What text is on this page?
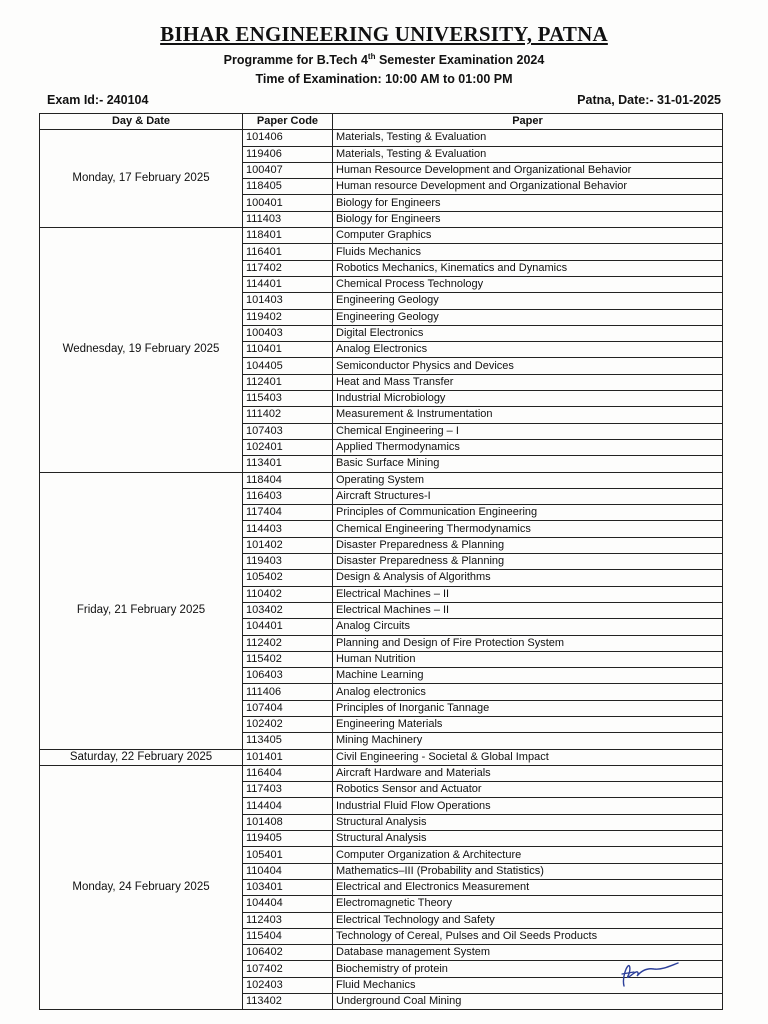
BIHAR ENGINEERING UNIVERSITY, PATNA
Programme for B.Tech 4th Semester Examination 2024
Time of Examination: 10:00 AM to 01:00 PM
Exam Id:- 240104	Patna, Date:- 31-01-2025
Day & Date	Paper Code	Paper
Monday, 17 February 2025	101406	Materials, Testing & Evaluation
	119406	Materials, Testing & Evaluation
	100407	Human Resource Development and Organizational Behavior
	118405	Human resource Development and Organizational Behavior
	100401	Biology for Engineers
	111403	Biology for Engineers
Wednesday, 19 February 2025	118401	Computer Graphics
	116401	Fluids Mechanics
	117402	Robotics Mechanics, Kinematics and Dynamics
	114401	Chemical Process Technology
	101403	Engineering Geology
	119402	Engineering Geology
	100403	Digital Electronics
	110401	Analog Electronics
	104405	Semiconductor Physics and Devices
	112401	Heat and Mass Transfer
	115403	Industrial Microbiology
	111402	Measurement & Instrumentation
	107403	Chemical Engineering – I
	102401	Applied Thermodynamics
	113401	Basic Surface Mining
Friday, 21 February 2025	118404	Operating System
	116403	Aircraft Structures-I
	117404	Principles of Communication Engineering
	114403	Chemical Engineering Thermodynamics
	101402	Disaster Preparedness & Planning
	119403	Disaster Preparedness & Planning
	105402	Design & Analysis of Algorithms
	110402	Electrical Machines – II
	103402	Electrical Machines – II
	104401	Analog Circuits
	112402	Planning and Design of Fire Protection System
	115402	Human Nutrition
	106403	Machine Learning
	111406	Analog electronics
	107404	Principles of Inorganic Tannage
	102402	Engineering Materials
	113405	Mining Machinery
Saturday, 22 February 2025	101401	Civil Engineering - Societal & Global Impact
Monday, 24 February 2025	116404	Aircraft Hardware and Materials
	117403	Robotics Sensor and Actuator
	114404	Industrial Fluid Flow Operations
	101408	Structural Analysis
	119405	Structural Analysis
	105401	Computer Organization & Architecture
	110404	Mathematics–III (Probability and Statistics)
	103401	Electrical and Electronics Measurement
	104404	Electromagnetic Theory
	112403	Electrical Technology and Safety
	115404	Technology of Cereal, Pulses and Oil Seeds Products
	106402	Database management System
	107402	Biochemistry of protein
	102403	Fluid Mechanics
	113402	Underground Coal Mining
